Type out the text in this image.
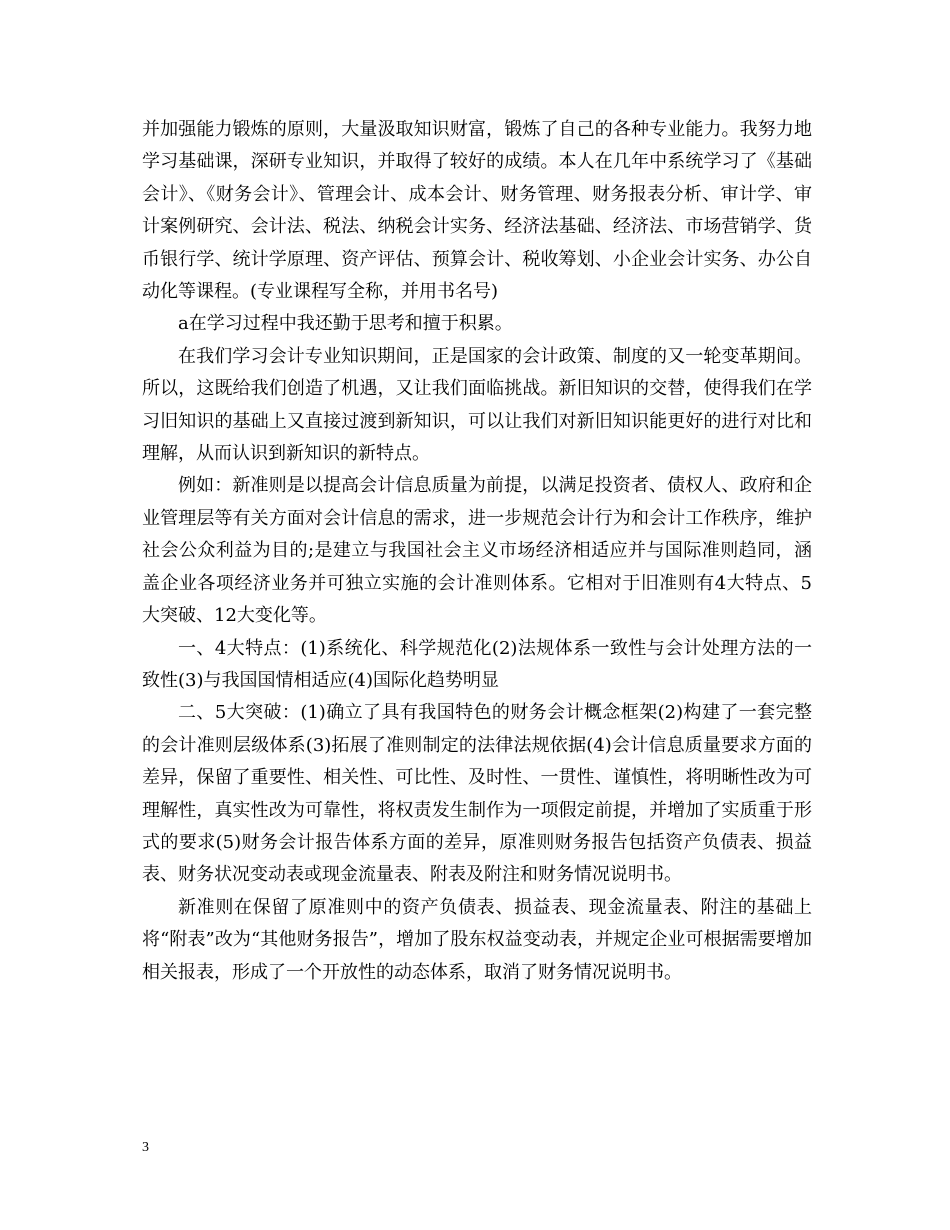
并加强能力锻炼的原则，大量汲取知识财富，锻炼了自己的各种专业能力。我努力地学习基础课，深研专业知识，并取得了较好的成绩。本人在几年中系统学习了《基础会计》、《财务会计》、管理会计、成本会计、财务管理、财务报表分析、审计学、审计案例研究、会计法、税法、纳税会计实务、经济法基础、经济法、市场营销学、货币银行学、统计学原理、资产评估、预算会计、税收筹划、小企业会计实务、办公自动化等课程。(专业课程写全称，并用书名号)

a在学习过程中我还勤于思考和擅于积累。

在我们学习会计专业知识期间，正是国家的会计政策、制度的又一轮变革期间。所以，这既给我们创造了机遇，又让我们面临挑战。新旧知识的交替，使得我们在学习旧知识的基础上又直接过渡到新知识，可以让我们对新旧知识能更好的进行对比和理解，从而认识到新知识的新特点。

例如：新准则是以提高会计信息质量为前提，以满足投资者、债权人、政府和企业管理层等有关方面对会计信息的需求，进一步规范会计行为和会计工作秩序，维护社会公众利益为目的;是建立与我国社会主义市场经济相适应并与国际准则趋同，涵盖企业各项经济业务并可独立实施的会计准则体系。它相对于旧准则有4大特点、5大突破、12大变化等。

一、4大特点：(1)系统化、科学规范化(2)法规体系一致性与会计处理方法的一致性(3)与我国国情相适应(4)国际化趋势明显

二、5大突破：(1)确立了具有我国特色的财务会计概念框架(2)构建了一套完整的会计准则层级体系(3)拓展了准则制定的法律法规依据(4)会计信息质量要求方面的差异，保留了重要性、相关性、可比性、及时性、一贯性、谨慎性，将明晰性改为可理解性，真实性改为可靠性，将权责发生制作为一项假定前提，并增加了实质重于形式的要求(5)财务会计报告体系方面的差异，原准则财务报告包括资产负债表、损益表、财务状况变动表或现金流量表、附表及附注和财务情况说明书。

新准则在保留了原准则中的资产负债表、损益表、现金流量表、附注的基础上将“附表”改为“其他财务报告”，增加了股东权益变动表，并规定企业可根据需要增加相关报表，形成了一个开放性的动态体系，取消了财务情况说明书。

3
